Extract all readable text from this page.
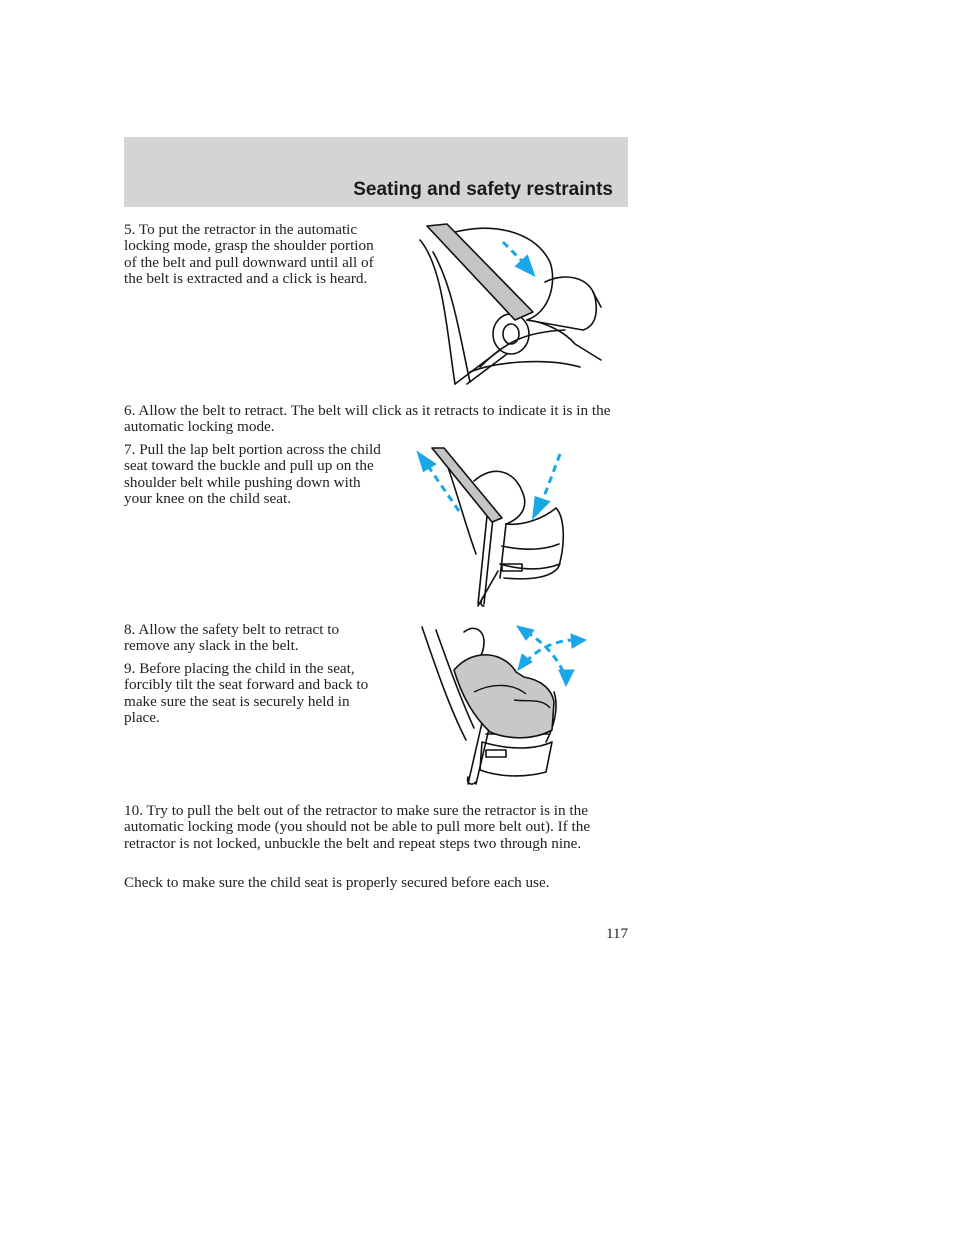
Seating and safety restraints

5. To put the retractor in the automatic locking mode, grasp the shoulder portion of the belt and pull downward until all of the belt is extracted and a click is heard.

6. Allow the belt to retract. The belt will click as it retracts to indicate it is in the automatic locking mode.

7. Pull the lap belt portion across the child seat toward the buckle and pull up on the shoulder belt while pushing down with your knee on the child seat.

8. Allow the safety belt to retract to remove any slack in the belt.

9. Before placing the child in the seat, forcibly tilt the seat forward and back to make sure the seat is securely held in place.

10. Try to pull the belt out of the retractor to make sure the retractor is in the automatic locking mode (you should not be able to pull more belt out). If the retractor is not locked, unbuckle the belt and repeat steps two through nine.

Check to make sure the child seat is properly secured before each use.

117
